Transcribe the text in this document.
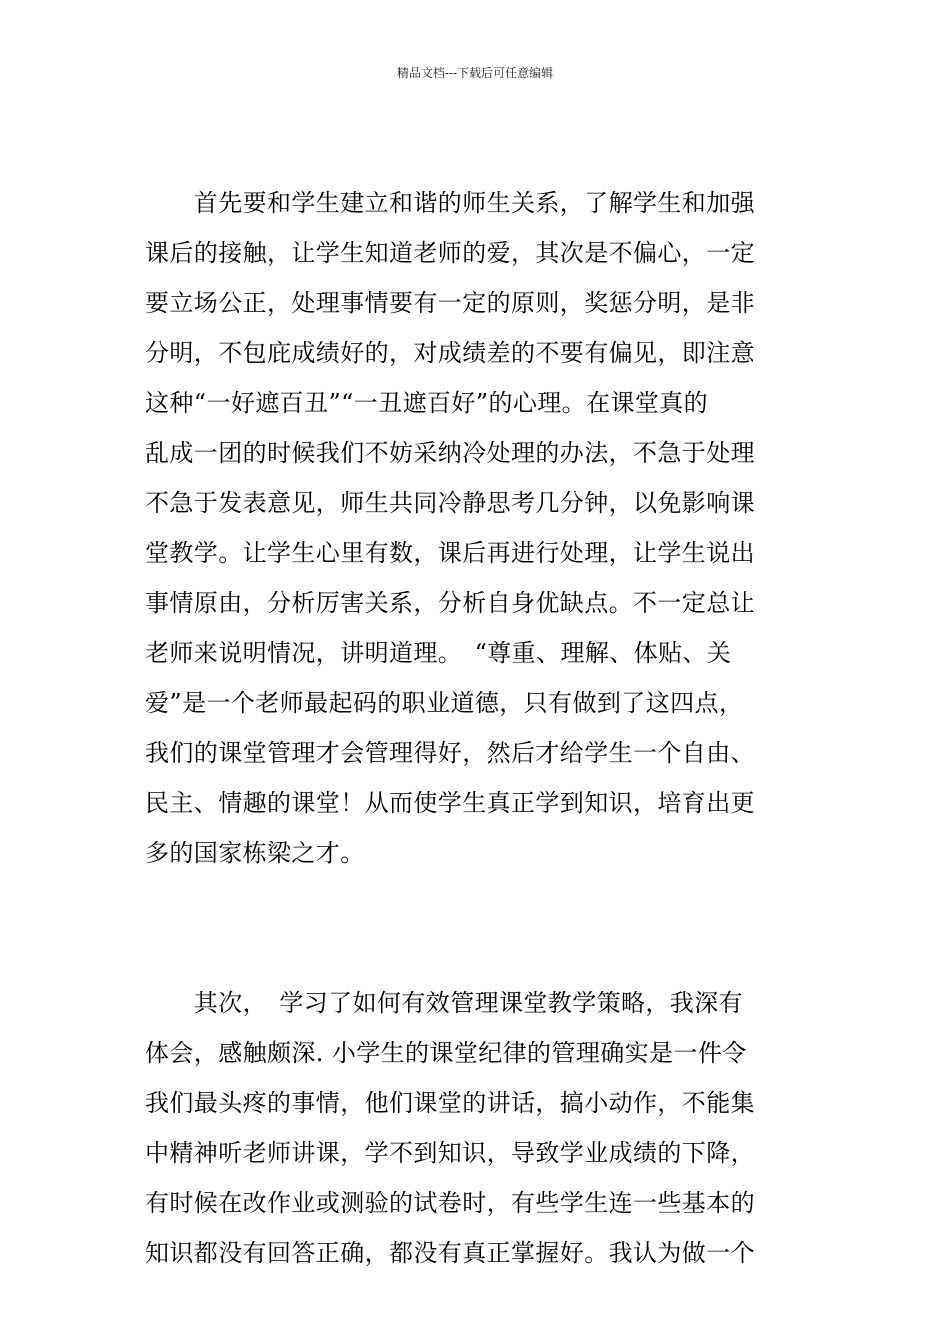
精品文档---下载后可任意编辑
　　首先要和学生建立和谐的师生关系，了解学生和加强
课后的接触，让学生知道老师的爱，其次是不偏心，一定
要立场公正，处理事情要有一定的原则，奖惩分明，是非
分明，不包庇成绩好的，对成绩差的不要有偏见，即注意
这种“一好遮百丑”“一丑遮百好”的心理。在课堂真的
乱成一团的时候我们不妨采纳冷处理的办法，不急于处理
不急于发表意见，师生共同冷静思考几分钟，以免影响课
堂教学。让学生心里有数，课后再进行处理，让学生说出
事情原由，分析厉害关系，分析自身优缺点。不一定总让
老师来说明情况，讲明道理。　“尊重、理解、体贴、关
爱”是一个老师最起码的职业道德，只有做到了这四点，
我们的课堂管理才会管理得好，然后才给学生一个自由、
民主、情趣的课堂！从而使学生真正学到知识，培育出更
多的国家栋梁之才。
　　其次，　学习了如何有效管理课堂教学策略，我深有
体会，感触颇深. 小学生的课堂纪律的管理确实是一件令
我们最头疼的事情，他们课堂的讲话，搞小动作，不能集
中精神听老师讲课，学不到知识，导致学业成绩的下降，
有时候在改作业或测验的试卷时，有些学生连一些基本的
知识都没有回答正确，都没有真正掌握好。我认为做一个
